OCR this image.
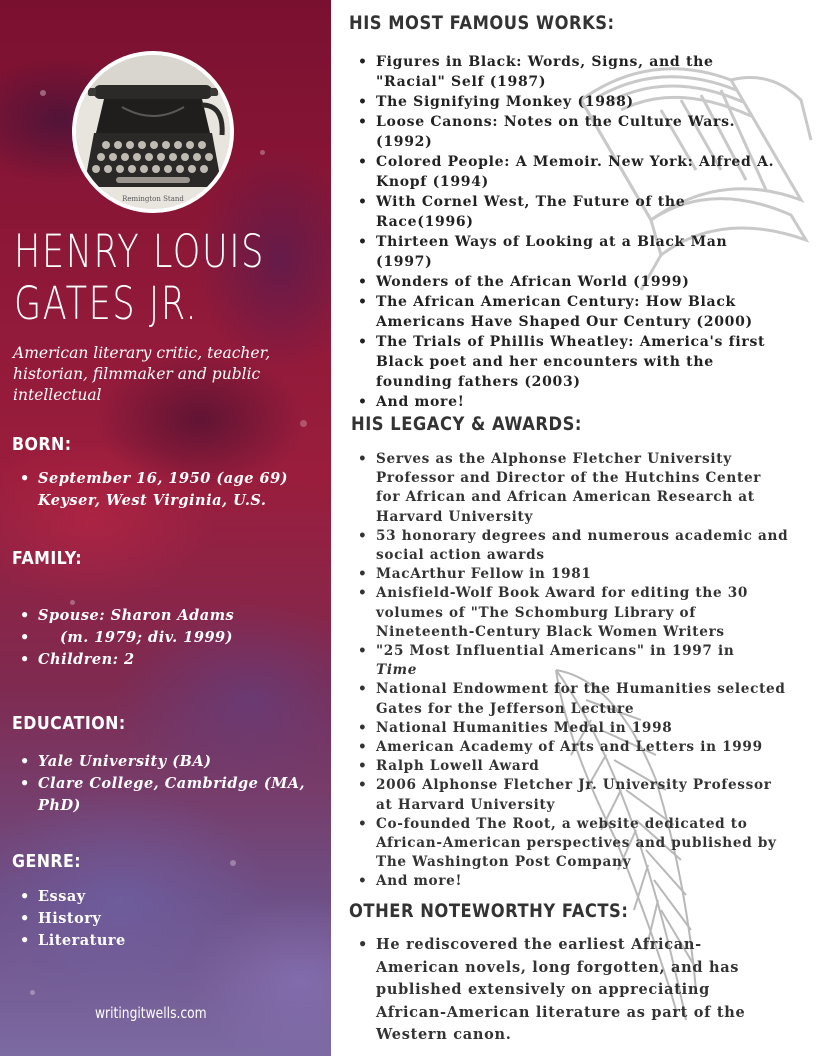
Remington Stand
HENRY LOUIS
GATES JR.

American literary critic, teacher, historian, filmmaker and public intellectual

BORN:
• September 16, 1950 (age 69) Keyser, West Virginia, U.S.
FAMILY:
• Spouse: Sharon Adams
• (m. 1979; div. 1999)
• Children: 2
EDUCATION:
• Yale University (BA)
• Clare College, Cambridge (MA, PhD)
GENRE:
• Essay
• History
• Literature
writingitwells.com
HIS MOST FAMOUS WORKS:
• Figures in Black: Words, Signs, and the "Racial" Self (1987)
• The Signifying Monkey (1988)
• Loose Canons: Notes on the Culture Wars. (1992)
• Colored People: A Memoir. New York: Alfred A. Knopf (1994)
• With Cornel West, The Future of the Race(1996)
• Thirteen Ways of Looking at a Black Man (1997)
• Wonders of the African World (1999)
• The African American Century: How Black Americans Have Shaped Our Century (2000)
• The Trials of Phillis Wheatley: America's first Black poet and her encounters with the founding fathers (2003)
• And more!
HIS LEGACY & AWARDS:
• Serves as the Alphonse Fletcher University Professor and Director of the Hutchins Center for African and African American Research at Harvard University
• 53 honorary degrees and numerous academic and social action awards
• MacArthur Fellow in 1981
• Anisfield-Wolf Book Award for editing the 30 volumes of "The Schomburg Library of Nineteenth-Century Black Women Writers
• "25 Most Influential Americans" in 1997 in
Time
• National Endowment for the Humanities selected Gates for the Jefferson Lecture
• National Humanities Medal in 1998
• American Academy of Arts and Letters in 1999
• Ralph Lowell Award
• 2006 Alphonse Fletcher Jr. University Professor at Harvard University
• Co-founded The Root, a website dedicated to African-American perspectives and published by The Washington Post Company
• And more!
OTHER NOTEWORTHY FACTS:
• He rediscovered the earliest African-American novels, long forgotten, and has published extensively on appreciating African-American literature as part of the Western canon.
